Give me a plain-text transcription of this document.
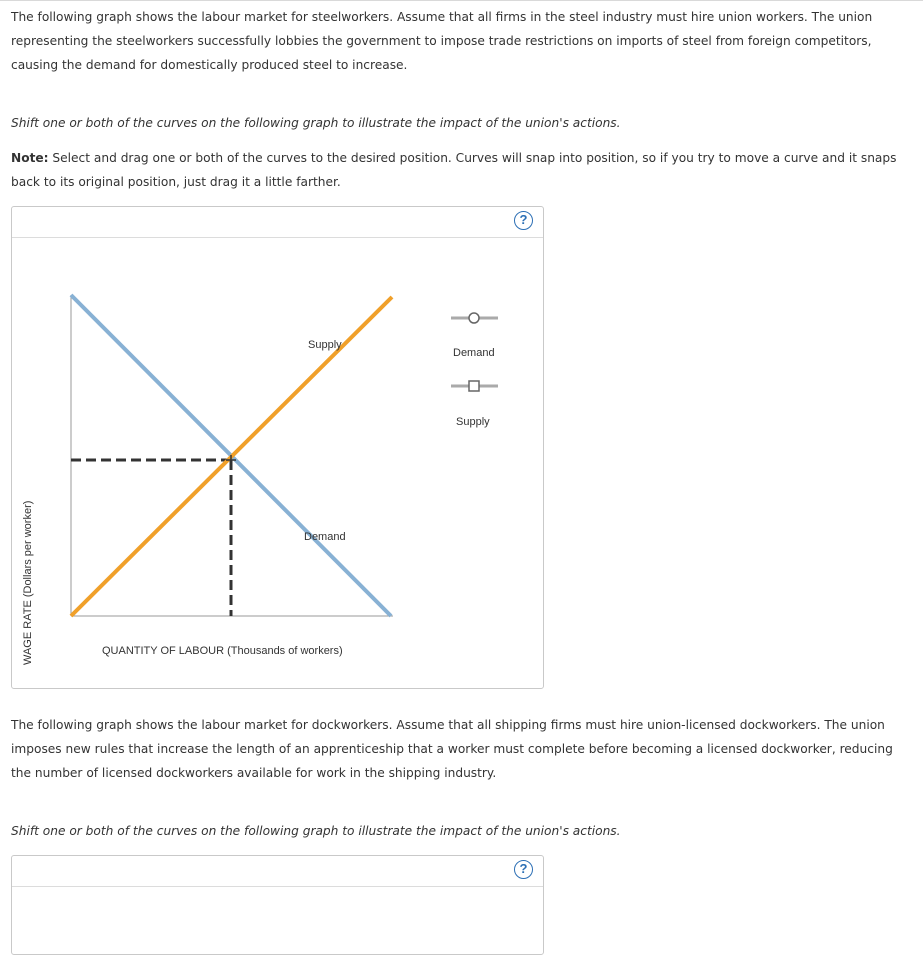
The following graph shows the labour market for steelworkers. Assume that all firms in the steel industry must hire union workers. The union representing the steelworkers successfully lobbies the government to impose trade restrictions on imports of steel from foreign competitors, causing the demand for domestically produced steel to increase.
Shift one or both of the curves on the following graph to illustrate the impact of the union's actions.
Note: Select and drag one or both of the curves to the desired position. Curves will snap into position, so if you try to move a curve and it snaps back to its original position, just drag it a little farther.
?
WAGE RATE (Dollars per worker)
Supply
Demand
QUANTITY OF LABOUR (Thousands of workers)
Demand
Supply
The following graph shows the labour market for dockworkers. Assume that all shipping firms must hire union-licensed dockworkers. The union imposes new rules that increase the length of an apprenticeship that a worker must complete before becoming a licensed dockworker, reducing the number of licensed dockworkers available for work in the shipping industry.
Shift one or both of the curves on the following graph to illustrate the impact of the union's actions.
?
